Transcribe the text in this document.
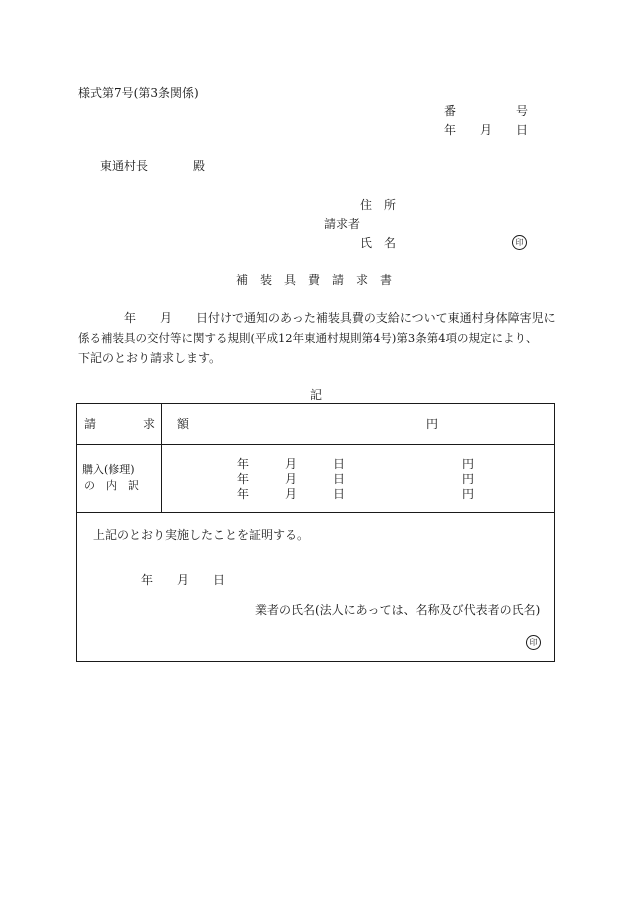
様式第7号(第3条関係)
番	号
年 月 日
東通村長	殿
住　所
請求者
氏　名	印
補装具費請求書
年 月 日付けで通知のあった補装具費の支給について東通村身体障害児に
係る補装具の交付等に関する規則(平成12年東通村規則第4号)第3条第4項の規定により、
下記のとおり請求します。
記
請	求 額	円
購入(修理)
の　内　訳
年	月	日	円
年	月	日	円
年	月	日	円
上記のとおり実施したことを証明する。
年 月 日
業者の氏名(法人にあっては、名称及び代表者の氏名)
印
